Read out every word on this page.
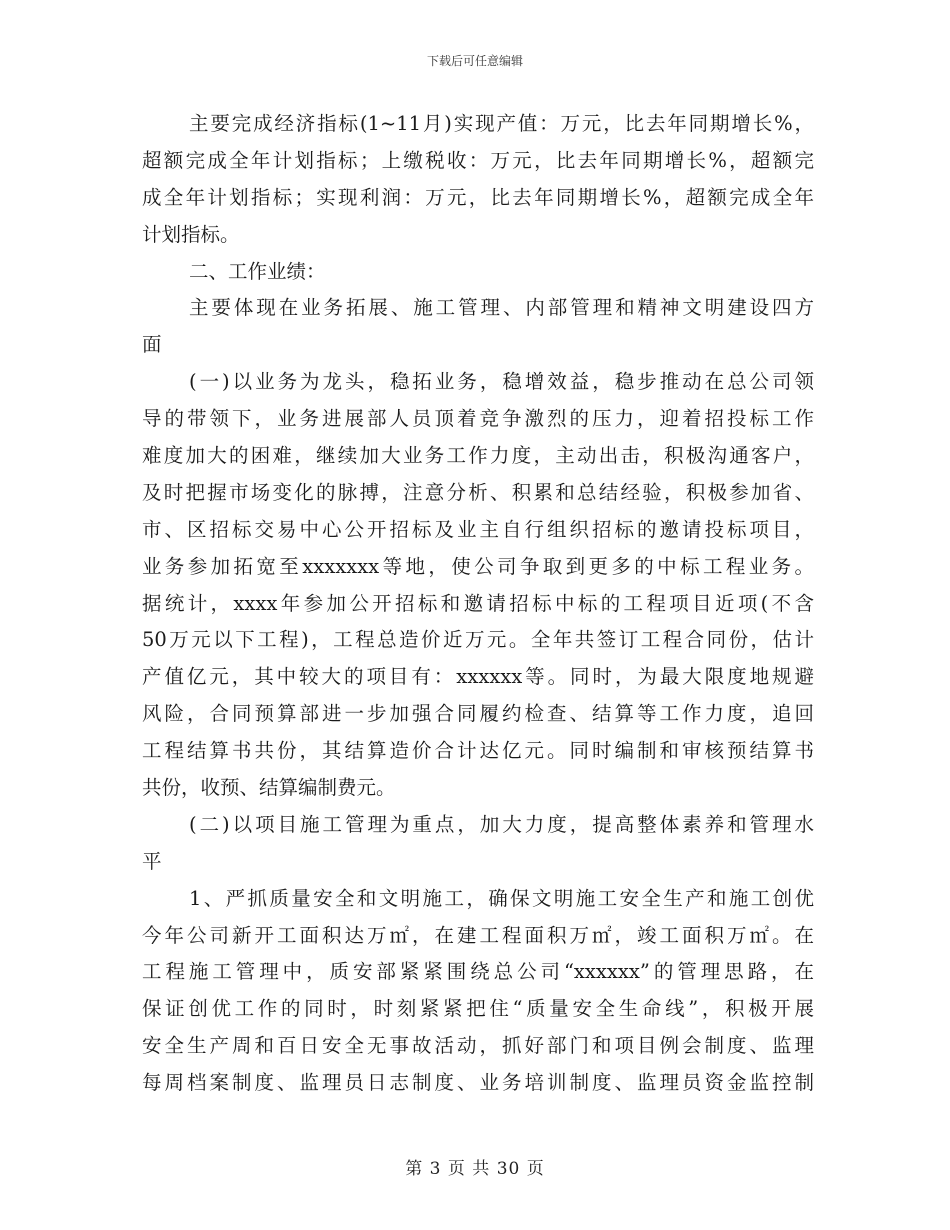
下载后可任意编辑
主要完成经济指标(1~11月)实现产值：万元，比去年同期增长%，
超额完成全年计划指标；上缴税收：万元，比去年同期增长%，超额完
成全年计划指标；实现利润：万元，比去年同期增长%，超额完成全年
计划指标。
二、工作业绩：
主要体现在业务拓展、施工管理、内部管理和精神文明建设四方
面
(一)以业务为龙头，稳拓业务，稳增效益，稳步推动在总公司领
导的带领下，业务进展部人员顶着竞争激烈的压力，迎着招投标工作
难度加大的困难，继续加大业务工作力度，主动出击，积极沟通客户，
及时把握市场变化的脉搏，注意分析、积累和总结经验，积极参加省、
市、区招标交易中心公开招标及业主自行组织招标的邀请投标项目，
业务参加拓宽至xxxxxxx等地，使公司争取到更多的中标工程业务。
据统计，xxxx年参加公开招标和邀请招标中标的工程项目近项(不含
50万元以下工程)，工程总造价近万元。全年共签订工程合同份，估计
产值亿元，其中较大的项目有：xxxxxx等。同时，为最大限度地规避
风险，合同预算部进一步加强合同履约检查、结算等工作力度，追回
工程结算书共份，其结算造价合计达亿元。同时编制和审核预结算书
共份，收预、结算编制费元。
(二)以项目施工管理为重点，加大力度，提高整体素养和管理水
平
1、严抓质量安全和文明施工，确保文明施工安全生产和施工创优
今年公司新开工面积达万㎡，在建工程面积万㎡，竣工面积万㎡。在
工程施工管理中，质安部紧紧围绕总公司“xxxxxx”的管理思路，在
保证创优工作的同时，时刻紧紧把住“质量安全生命线”，积极开展
安全生产周和百日安全无事故活动，抓好部门和项目例会制度、监理
每周档案制度、监理员日志制度、业务培训制度、监理员资金监控制
第 3 页 共 30 页
